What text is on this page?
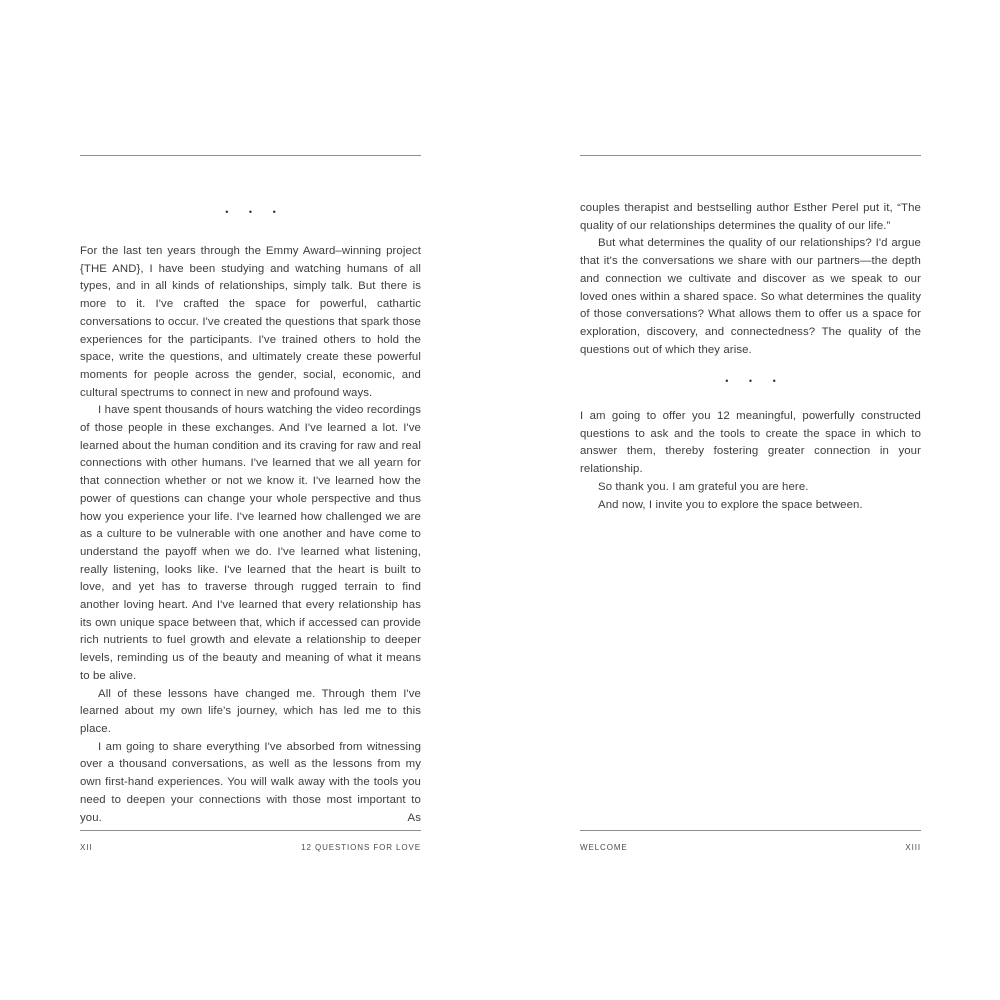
• • •

For the last ten years through the Emmy Award–winning project {THE AND}, I have been studying and watching humans of all types, and in all kinds of relationships, simply talk. But there is more to it. I've crafted the space for powerful, cathartic conversations to occur. I've created the questions that spark those experiences for the participants. I've trained others to hold the space, write the questions, and ultimately create these powerful moments for people across the gender, social, economic, and cultural spectrums to connect in new and profound ways.

I have spent thousands of hours watching the video recordings of those people in these exchanges. And I've learned a lot. I've learned about the human condition and its craving for raw and real connections with other humans. I've learned that we all yearn for that connection whether or not we know it. I've learned how the power of questions can change your whole perspective and thus how you experience your life. I've learned how challenged we are as a culture to be vulnerable with one another and have come to understand the payoff when we do. I've learned what listening, really listening, looks like. I've learned that the heart is built to love, and yet has to traverse through rugged terrain to find another loving heart. And I've learned that every relationship has its own unique space between that, which if accessed can provide rich nutrients to fuel growth and elevate a relationship to deeper levels, reminding us of the beauty and meaning of what it means to be alive.

All of these lessons have changed me. Through them I've learned about my own life's journey, which has led me to this place.

I am going to share everything I've absorbed from witnessing over a thousand conversations, as well as the lessons from my own first-hand experiences. You will walk away with the tools you need to deepen your connections with those most important to you. As

XII	12 QUESTIONS FOR LOVE

couples therapist and bestselling author Esther Perel put it, “The quality of our relationships determines the quality of our life.”

But what determines the quality of our relationships? I'd argue that it's the conversations we share with our partners—the depth and connection we cultivate and discover as we speak to our loved ones within a shared space. So what determines the quality of those conversations? What allows them to offer us a space for exploration, discovery, and connectedness? The quality of the questions out of which they arise.

• • •

I am going to offer you 12 meaningful, powerfully constructed questions to ask and the tools to create the space in which to answer them, thereby fostering greater connection in your relationship.

So thank you. I am grateful you are here.

And now, I invite you to explore the space between.

WELCOME	XIII
